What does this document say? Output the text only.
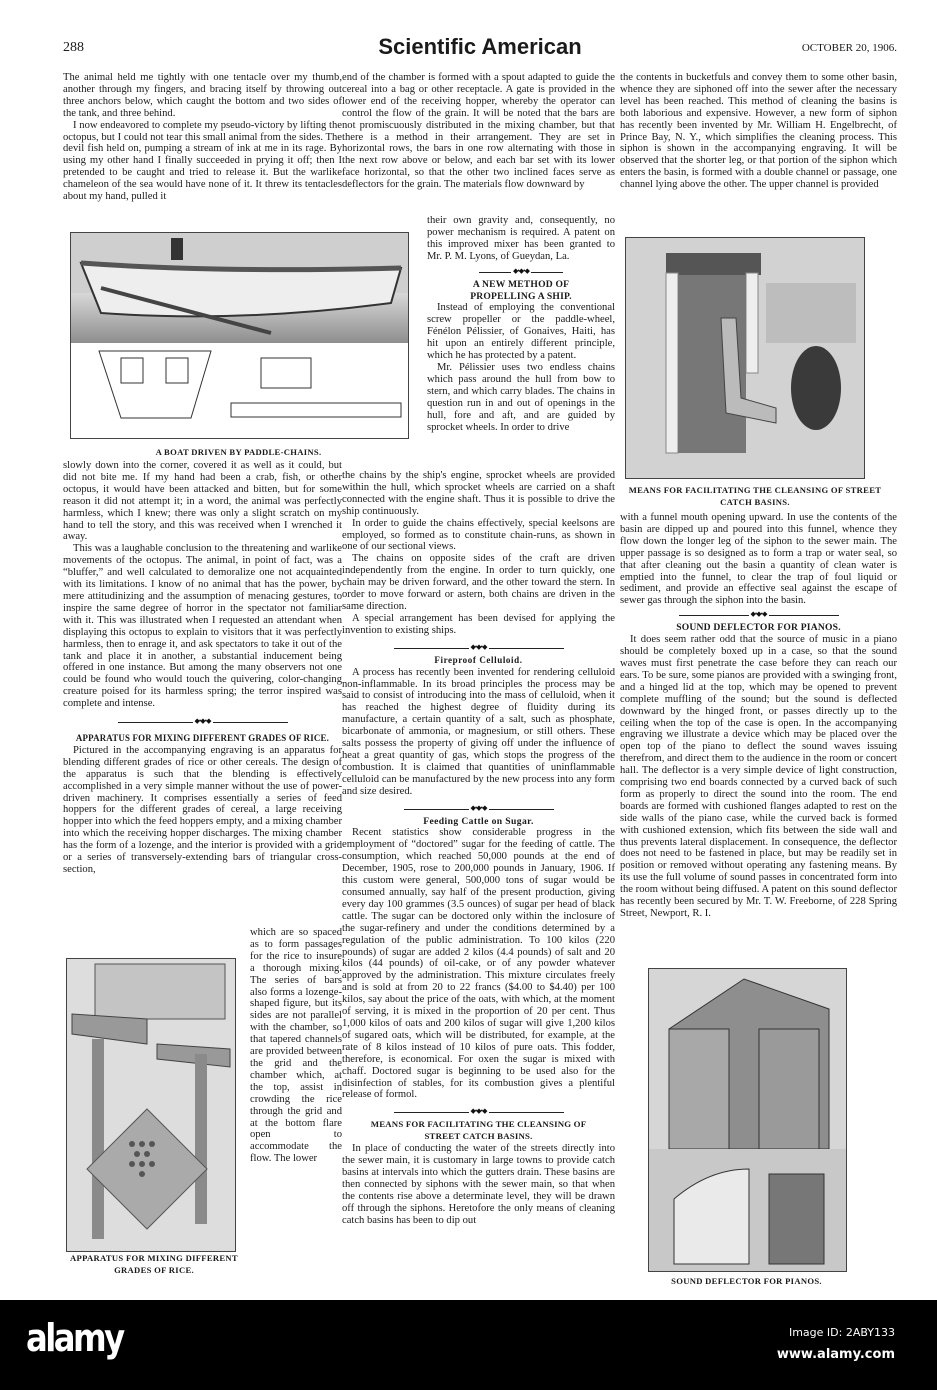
288	Scientific American	OCTOBER 20, 1906.

The animal held me tightly with one tentacle over my thumb, another through my fingers, and bracing itself by throwing out three anchors below, which caught the bottom and two sides of the tank, and three behind.

I now endeavored to complete my pseudo-victory by lifting the octopus, but I could not tear this small animal from the sides. The devil fish held on, pumping a stream of ink at me in its rage. By using my other hand I finally succeeded in prying it off; then I pretended to be caught and tried to release it. But the warlike chameleon of the sea would have none of it. It threw its tentacles about my hand, pulled it

A BOAT DRIVEN BY PADDLE-CHAINS.

slowly down into the corner, covered it as well as it could, but did not bite me. If my hand had been a crab, fish, or other octopus, it would have been attacked and bitten, but for some reason it did not attempt it; in a word, the animal was perfectly harmless, which I knew; there was only a slight scratch on my hand to tell the story, and this was received when I wrenched it away.

This was a laughable conclusion to the threatening and warlike movements of the octopus. The animal, in point of fact, was a “bluffer,” and well calculated to demoralize one not acquainted with its limitations. I know of no animal that has the power, by mere attitudinizing and the assumption of menacing gestures, to inspire the same degree of horror in the spectator not familiar with it. This was illustrated when I requested an attendant when displaying this octopus to explain to visitors that it was perfectly harmless, then to enrage it, and ask spectators to take it out of the tank and place it in another, a substantial inducement being offered in one instance. But among the many observers not one could be found who would touch the quivering, color-changing creature poised for its harmless spring; the terror inspired was complete and intense.

◆•◆•◆
APPARATUS FOR MIXING DIFFERENT GRADES OF RICE.

Pictured in the accompanying engraving is an apparatus for blending different grades of rice or other cereals. The design of the apparatus is such that the blending is effectively accomplished in a very simple manner without the use of power-driven machinery. It comprises essentially a series of feed hoppers for the different grades of cereal, a large receiving hopper into which the feed hoppers empty, and a mixing chamber into which the receiving hopper discharges. The mixing chamber has the form of a lozenge, and the interior is provided with a grid or a series of transversely-extending bars of triangular cross-section,

APPARATUS FOR MIXING DIFFERENT GRADES OF RICE.

which are so spaced as to form passages for the rice to insure a thorough mixing. The series of bars also forms a lozenge-shaped figure, but its sides are not parallel with the chamber, so that tapered channels are provided between the grid and the chamber which, at the top, assist in crowding the rice through the grid and at the bottom flare open to accommodate the flow. The lower

end of the chamber is formed with a spout adapted to guide the cereal into a bag or other receptacle. A gate is provided in the lower end of the receiving hopper, whereby the operator can control the flow of the grain. It will be noted that the bars are not promiscuously distributed in the mixing chamber, but that there is a method in their arrangement. They are set in horizontal rows, the bars in one row alternating with those in the next row above or below, and each bar set with its lower face horizontal, so that the other two inclined faces serve as deflectors for the grain. The materials flow downward by

their own gravity and, consequently, no power mechanism is required. A patent on this improved mixer has been granted to Mr. P. M. Lyons, of Gueydan, La.

◆•◆•◆
A NEW METHOD OF PROPELLING A SHIP.

Instead of employing the conventional screw propeller or the paddle-wheel, Fénélon Pélissier, of Gonaives, Haiti, has hit upon an entirely different principle, which he has protected by a patent.

Mr. Pélissier uses two endless chains which pass around the hull from bow to stern, and which carry blades. The chains in question run in and out of openings in the hull, fore and aft, and are guided by sprocket wheels. In order to drive

the chains by the ship's engine, sprocket wheels are provided within the hull, which sprocket wheels are carried on a shaft connected with the engine shaft. Thus it is possible to drive the ship continuously.

In order to guide the chains effectively, special keelsons are employed, so formed as to constitute chain-runs, as shown in one of our sectional views.

The chains on opposite sides of the craft are driven independently from the engine. In order to turn quickly, one chain may be driven forward, and the other toward the stern. In order to move forward or astern, both chains are driven in the same direction.

A special arrangement has been devised for applying the invention to existing ships.

◆•◆•◆
Fireproof Celluloid.

A process has recently been invented for rendering celluloid non-inflammable. In its broad principles the process may be said to consist of introducing into the mass of celluloid, when it has reached the highest degree of fluidity during its manufacture, a certain quantity of a salt, such as phosphate, bicarbonate of ammonia, or magnesium, or still others. These salts possess the property of giving off under the influence of heat a great quantity of gas, which stops the progress of the combustion. It is claimed that quantities of uninflammable celluloid can be manufactured by the new process into any form and size desired.

◆•◆•◆
Feeding Cattle on Sugar.

Recent statistics show considerable progress in the employment of “doctored” sugar for the feeding of cattle. The consumption, which reached 50,000 pounds at the end of December, 1905, rose to 200,000 pounds in January, 1906. If this custom were general, 500,000 tons of sugar would be consumed annually, say half of the present production, giving every day 100 grammes (3.5 ounces) of sugar per head of black cattle. The sugar can be doctored only within the inclosure of the sugar-refinery and under the conditions determined by a regulation of the public administration. To 100 kilos (220 pounds) of sugar are added 2 kilos (4.4 pounds) of salt and 20 kilos (44 pounds) of oil-cake, or of any powder whatever approved by the administration. This mixture circulates freely and is sold at from 20 to 22 francs ($4.00 to $4.40) per 100 kilos, say about the price of the oats, with which, at the moment of serving, it is mixed in the proportion of 20 per cent. Thus 1,000 kilos of oats and 200 kilos of sugar will give 1,200 kilos of sugared oats, which will be distributed, for example, at the rate of 8 kilos instead of 10 kilos of pure oats. This fodder, therefore, is economical. For oxen the sugar is mixed with chaff. Doctored sugar is beginning to be used also for the disinfection of stables, for its combustion gives a plentiful release of formol.

◆•◆•◆
MEANS FOR FACILITATING THE CLEANSING OF STREET CATCH BASINS.

In place of conducting the water of the streets directly into the sewer main, it is customary in large towns to provide catch basins at intervals into which the gutters drain. These basins are then connected by siphons with the sewer main, so that when the contents rise above a determinate level, they will be drawn off through the siphons. Heretofore the only means of cleaning catch basins has been to dip out

the contents in bucketfuls and convey them to some other basin, whence they are siphoned off into the sewer after the necessary level has been reached. This method of cleaning the basins is both laborious and expensive. However, a new form of siphon has recently been invented by Mr. William H. Engelbrecht, of Prince Bay, N. Y., which simplifies the cleaning process. This siphon is shown in the accompanying engraving. It will be observed that the shorter leg, or that portion of the siphon which enters the basin, is formed with a double channel or passage, one channel lying above the other. The upper channel is provided

MEANS FOR FACILITATING THE CLEANSING OF STREET CATCH BASINS.

with a funnel mouth opening upward. In use the contents of the basin are dipped up and poured into this funnel, whence they flow down the longer leg of the siphon to the sewer main. The upper passage is so designed as to form a trap or water seal, so that after cleaning out the basin a quantity of clean water is emptied into the funnel, to clear the trap of foul liquid or sediment, and provide an effective seal against the escape of sewer gas through the siphon into the basin.

◆•◆•◆
SOUND DEFLECTOR FOR PIANOS.

It does seem rather odd that the source of music in a piano should be completely boxed up in a case, so that the sound waves must first penetrate the case before they can reach our ears. To be sure, some pianos are provided with a swinging front, and a hinged lid at the top, which may be opened to prevent complete muffling of the sound; but the sound is deflected downward by the hinged front, or passes directly up to the ceiling when the top of the case is open. In the accompanying engraving we illustrate a device which may be placed over the open top of the piano to deflect the sound waves issuing therefrom, and direct them to the audience in the room or concert hall. The deflector is a very simple device of light construction, comprising two end boards connected by a curved back of such form as properly to direct the sound into the room. The end boards are formed with cushioned flanges adapted to rest on the side walls of the piano case, while the curved back is formed with cushioned extension, which fits between the side wall and thus prevents lateral displacement. In consequence, the deflector does not need to be fastened in place, but may be readily set in position or removed without operating any fastening means. By its use the full volume of sound passes in concentrated form into the room without being diffused. A patent on this sound deflector has recently been secured by Mr. T. W. Freeborne, of 228 Spring Street, Newport, R. I.

SOUND DEFLECTOR FOR PIANOS.
alamy	Image ID: 2ABY133
www.alamy.com
